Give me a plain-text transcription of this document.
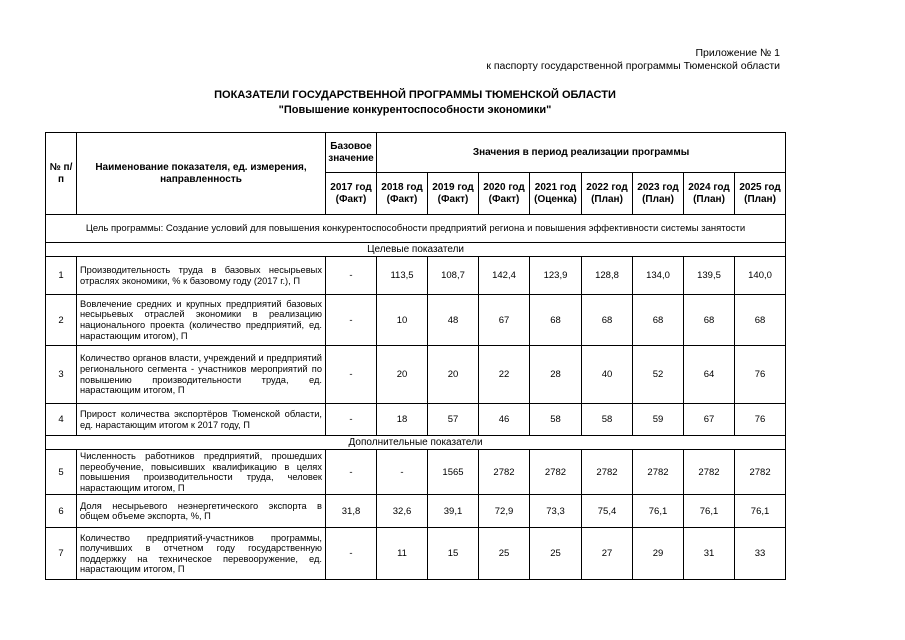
Приложение № 1
к паспорту государственной программы Тюменской области
ПОКАЗАТЕЛИ ГОСУДАРСТВЕННОЙ ПРОГРАММЫ ТЮМЕНСКОЙ ОБЛАСТИ
"Повышение конкурентоспособности экономики"
№ п/п	Наименование показателя, ед. измерения, направленность	Базовое значение	Значения в период реализации программы							
		2017 год (Факт)	2018 год (Факт)	2019 год (Факт)	2020 год (Факт)	2021 год (Оценка)	2022 год (План)	2023 год (План)	2024 год (План)	2025 год (План)
Цель программы: Создание условий для повышения конкурентоспособности предприятий региона и повышения эффективности системы занятости										
Целевые показатели										
1	Производительность труда в базовых несырьевых отраслях экономики, % к базовому году (2017 г.), П	-	113,5	108,7	142,4	123,9	128,8	134,0	139,5	140,0
2	Вовлечение средних и крупных предприятий базовых несырьевых отраслей экономики в реализацию национального проекта (количество предприятий, ед. нарастающим итогом), П	-	10	48	67	68	68	68	68	68
3	Количество органов власти, учреждений и предприятий регионального сегмента - участников мероприятий по повышению производительности труда, ед. нарастающим итогом, П	-	20	20	22	28	40	52	64	76
4	Прирост количества экспортёров Тюменской области, ед. нарастающим итогом к 2017 году, П	-	18	57	46	58	58	59	67	76
Дополнительные показатели										
5	Численность работников предприятий, прошедших переобучение, повысивших квалификацию в целях повышения производительности труда, человек нарастающим итогом, П	-	-	1565	2782	2782	2782	2782	2782	2782
6	Доля несырьевого неэнергетического экспорта в общем объеме экспорта, %, П	31,8	32,6	39,1	72,9	73,3	75,4	76,1	76,1	76,1
7	Количество предприятий-участников программы, получивших в отчетном году государственную поддержку на техническое перевооружение, ед. нарастающим итогом, П	-	11	15	25	25	27	29	31	33
